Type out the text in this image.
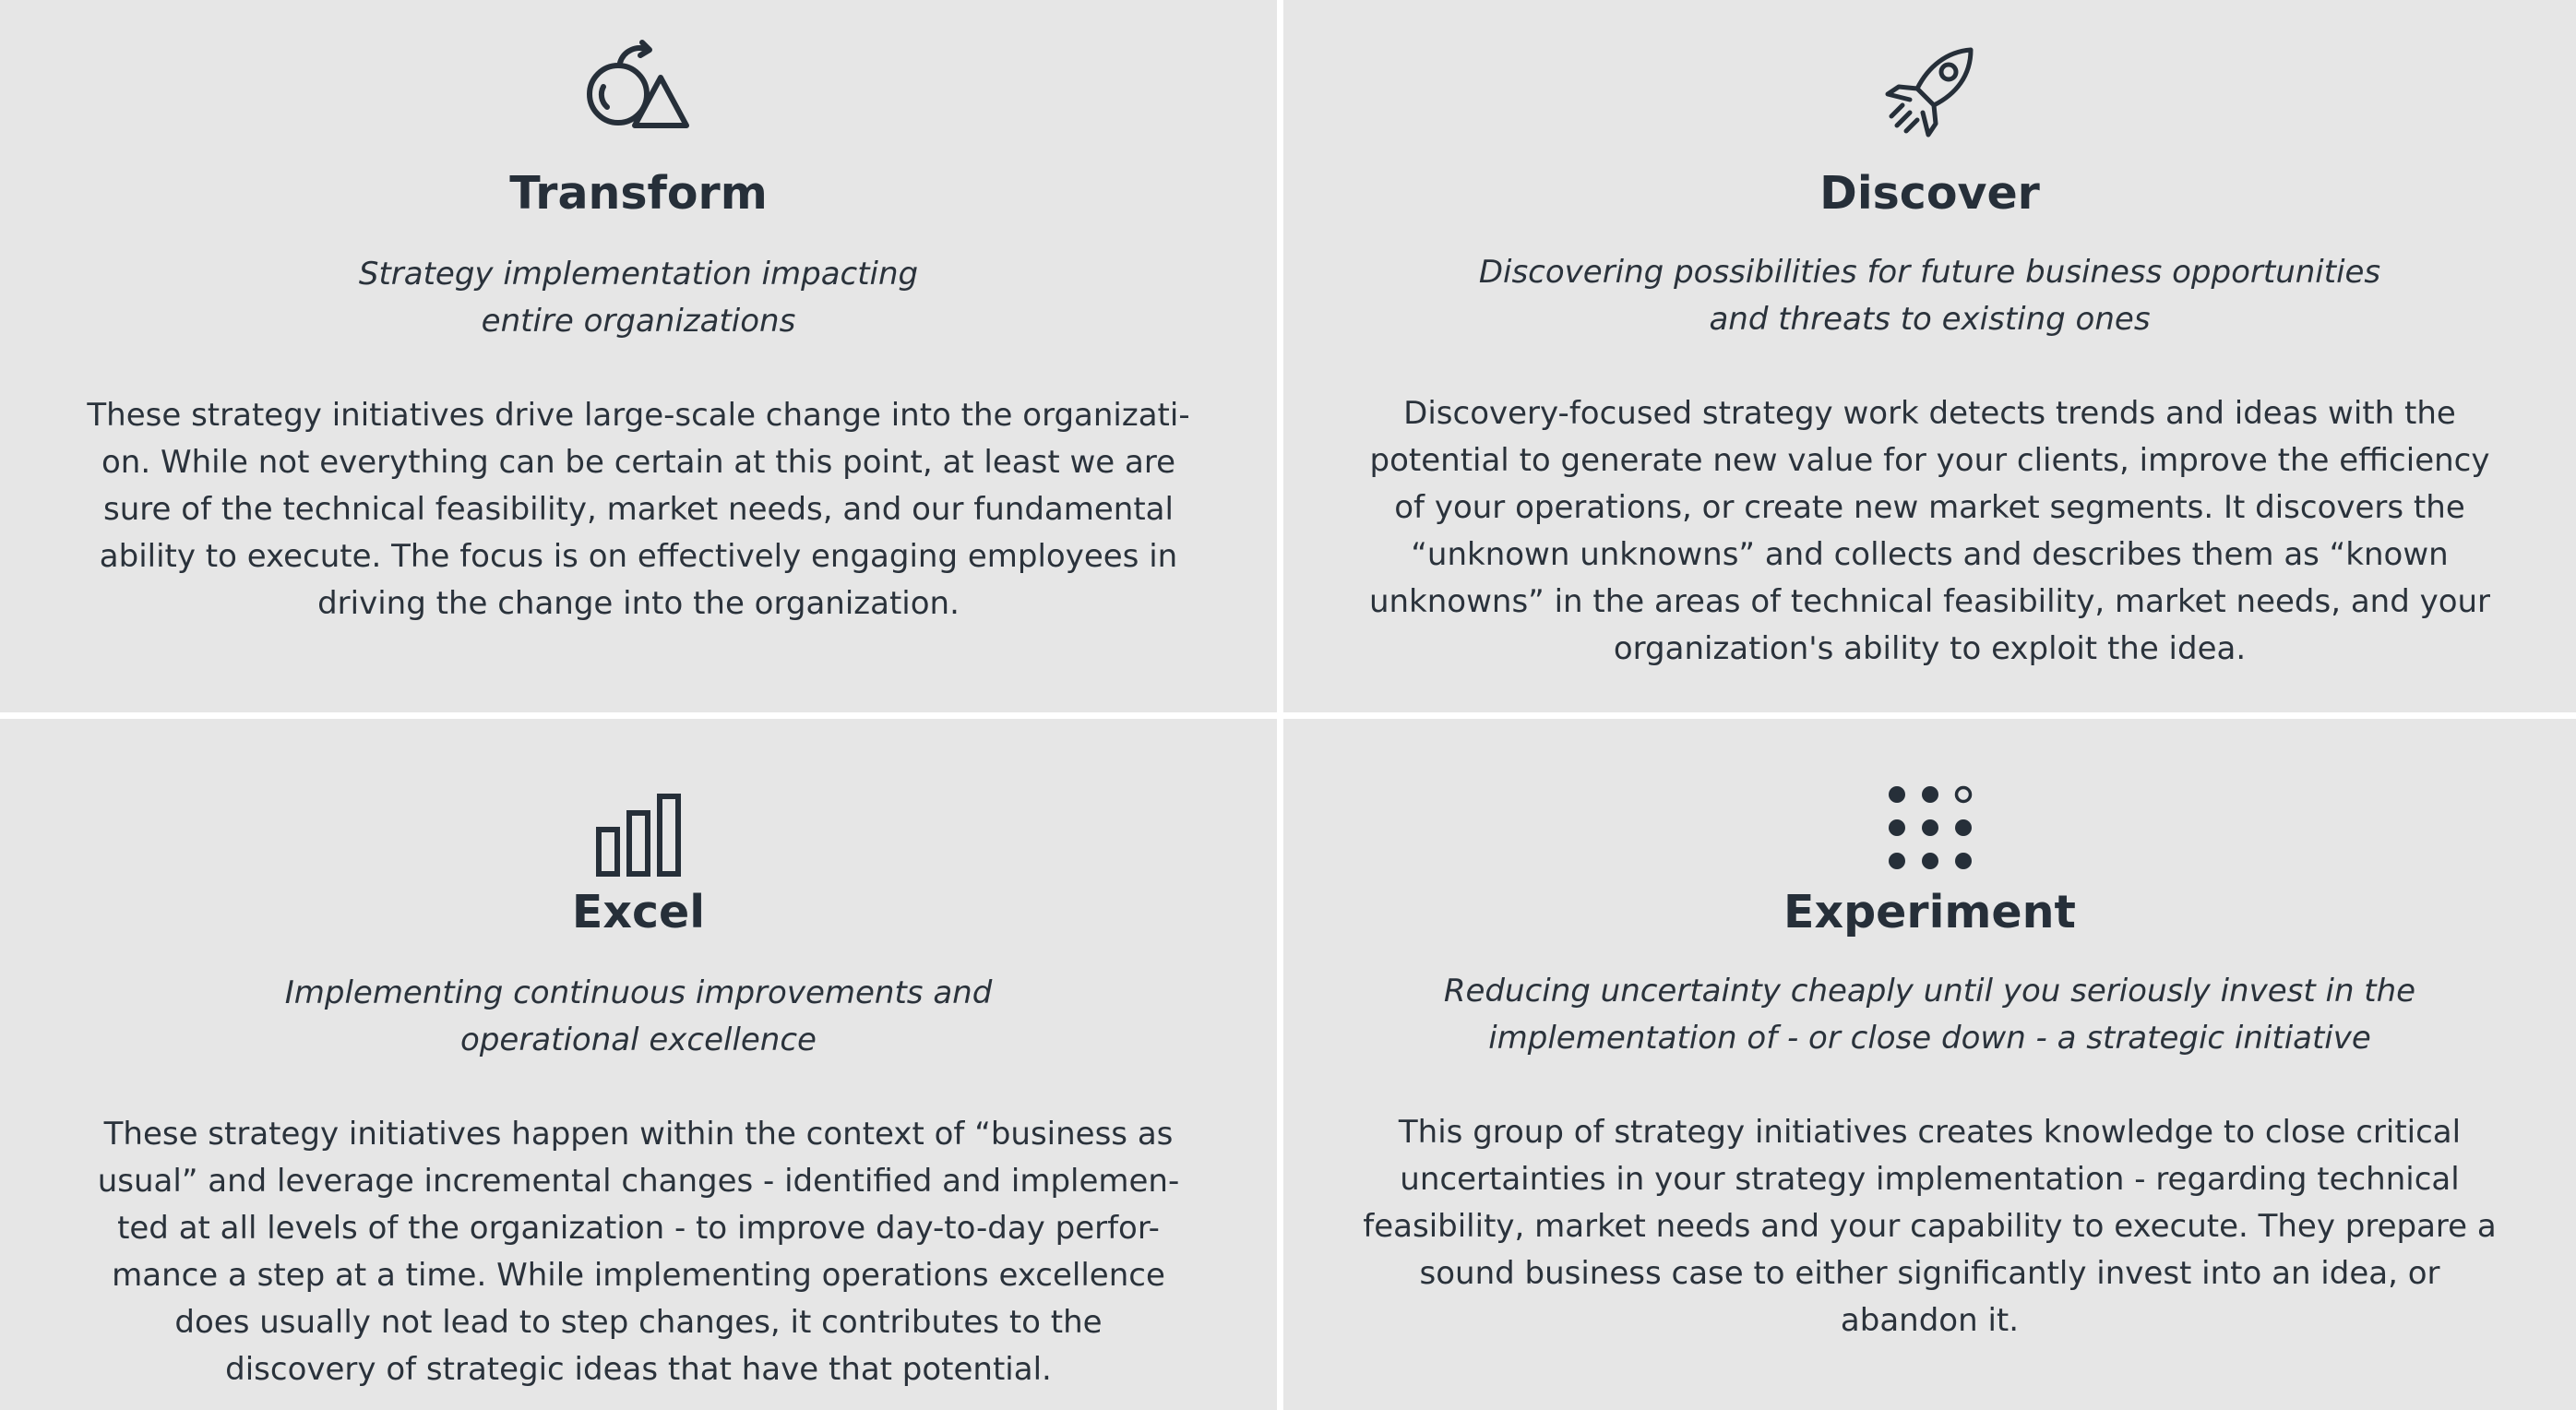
Transform

Strategy implementation impacting
entire organizations

These strategy initiatives drive large-scale change into the organizati-
on. While not everything can be certain at this point, at least we are
sure of the technical feasibility, market needs, and our fundamental
ability to execute. The focus is on effectively engaging employees in
driving the change into the organization.

Discover

Discovering possibilities for future business opportunities
and threats to existing ones

Discovery-focused strategy work detects trends and ideas with the
potential to generate new value for your clients, improve the efficiency
of your operations, or create new market segments. It discovers the
“unknown unknowns” and collects and describes them as “known
unknowns” in the areas of technical feasibility, market needs, and your
organization's ability to exploit the idea.

Excel

Implementing continuous improvements and
operational excellence

These strategy initiatives happen within the context of “business as
usual” and leverage incremental changes - identified and implemen-
ted at all levels of the organization - to improve day-to-day perfor-
mance a step at a time. While implementing operations excellence
does usually not lead to step changes, it contributes to the
discovery of strategic ideas that have that potential.

Experiment

Reducing uncertainty cheaply until you seriously invest in the
implementation of - or close down - a strategic initiative

This group of strategy initiatives creates knowledge to close critical
uncertainties in your strategy implementation - regarding technical
feasibility, market needs and your capability to execute. They prepare a
sound business case to either significantly invest into an idea, or
abandon it.
